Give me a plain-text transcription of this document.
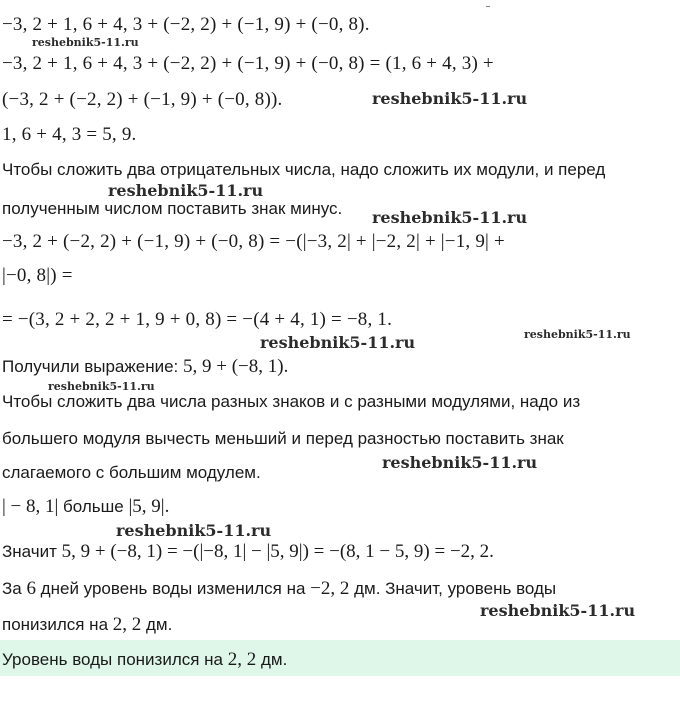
−3, 2 + 1, 6 + 4, 3 + (−2, 2) + (−1, 9) + (−0, 8).
reshebnik5-11.ru
−3, 2 + 1, 6 + 4, 3 + (−2, 2) + (−1, 9) + (−0, 8) = (1, 6 + 4, 3) +
(−3, 2 + (−2, 2) + (−1, 9) + (−0, 8)).	reshebnik5-11.ru
1, 6 + 4, 3 = 5, 9.
Чтобы сложить два отрицательных числа, надо сложить их модули, и перед
reshebnik5-11.ru
полученным числом поставить знак минус. reshebnik5-11.ru
−3, 2 + (−2, 2) + (−1, 9) + (−0, 8) = −(|−3, 2| + |−2, 2| + |−1, 9| +
|−0, 8|) =
= −(3, 2 + 2, 2 + 1, 9 + 0, 8) = −(4 + 4, 1) = −8, 1.
reshebnik5-11.ru
reshebnik5-11.ru
Получили выражение: 5, 9 + (−8, 1).
reshebnik5-11.ru
Чтобы сложить два числа разных знаков и с разными модулями, надо из
большего модуля вычесть меньший и перед разностью поставить знак
слагаемого с большим модулем.
reshebnik5-11.ru
| − 8, 1| больше |5, 9|.
reshebnik5-11.ru
Значит 5, 9 + (−8, 1) = −(|−8, 1| − |5, 9|) = −(8, 1 − 5, 9) = −2, 2.
За 6 дней уровень воды изменился на −2, 2 дм. Значит, уровень воды
reshebnik5-11.ru
понизился на 2, 2 дм.
Уровень воды понизился на 2, 2 дм.
